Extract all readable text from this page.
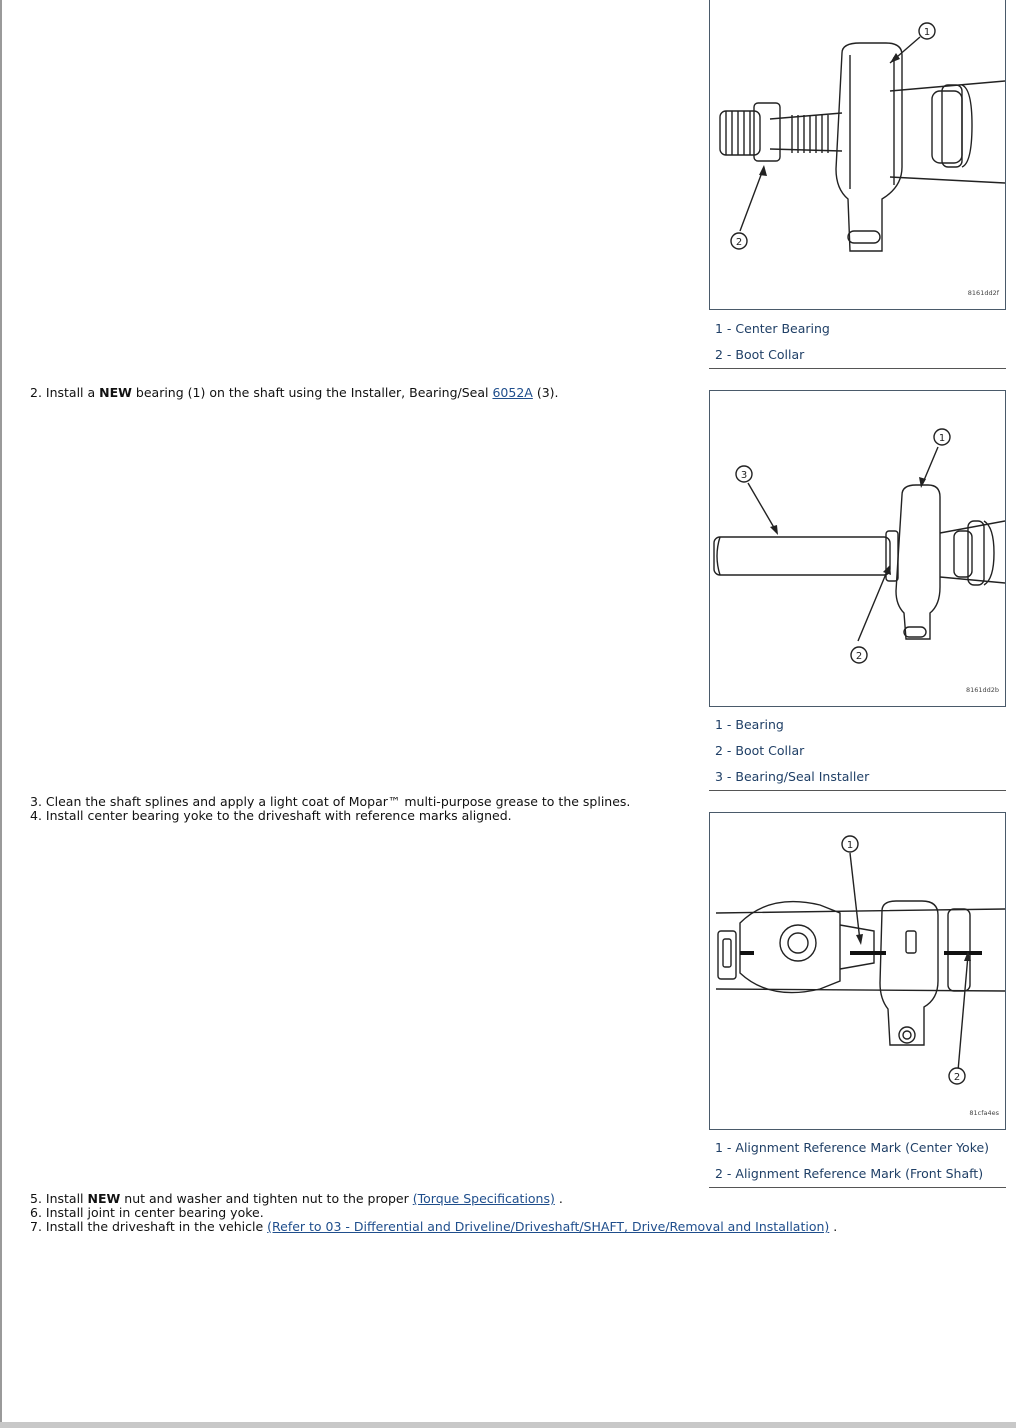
1
2
8161dd2f
1 - Center Bearing
2 - Boot Collar
2. Install a NEW bearing (1) on the shaft using the Installer, Bearing/Seal 6052A (3).
1
2
3
8161dd2b
1 - Bearing
2 - Boot Collar
3 - Bearing/Seal Installer
3. Clean the shaft splines and apply a light coat of Mopar™ multi-purpose grease to the splines.
4. Install center bearing yoke to the driveshaft with reference marks aligned.
1
2
81cfa4es
1 - Alignment Reference Mark (Center Yoke)
2 - Alignment Reference Mark (Front Shaft)
5. Install NEW nut and washer and tighten nut to the proper (Torque Specifications) .
6. Install joint in center bearing yoke.
7. Install the driveshaft in the vehicle (Refer to 03 - Differential and Driveline/Driveshaft/SHAFT, Drive/Removal and Installation) .
